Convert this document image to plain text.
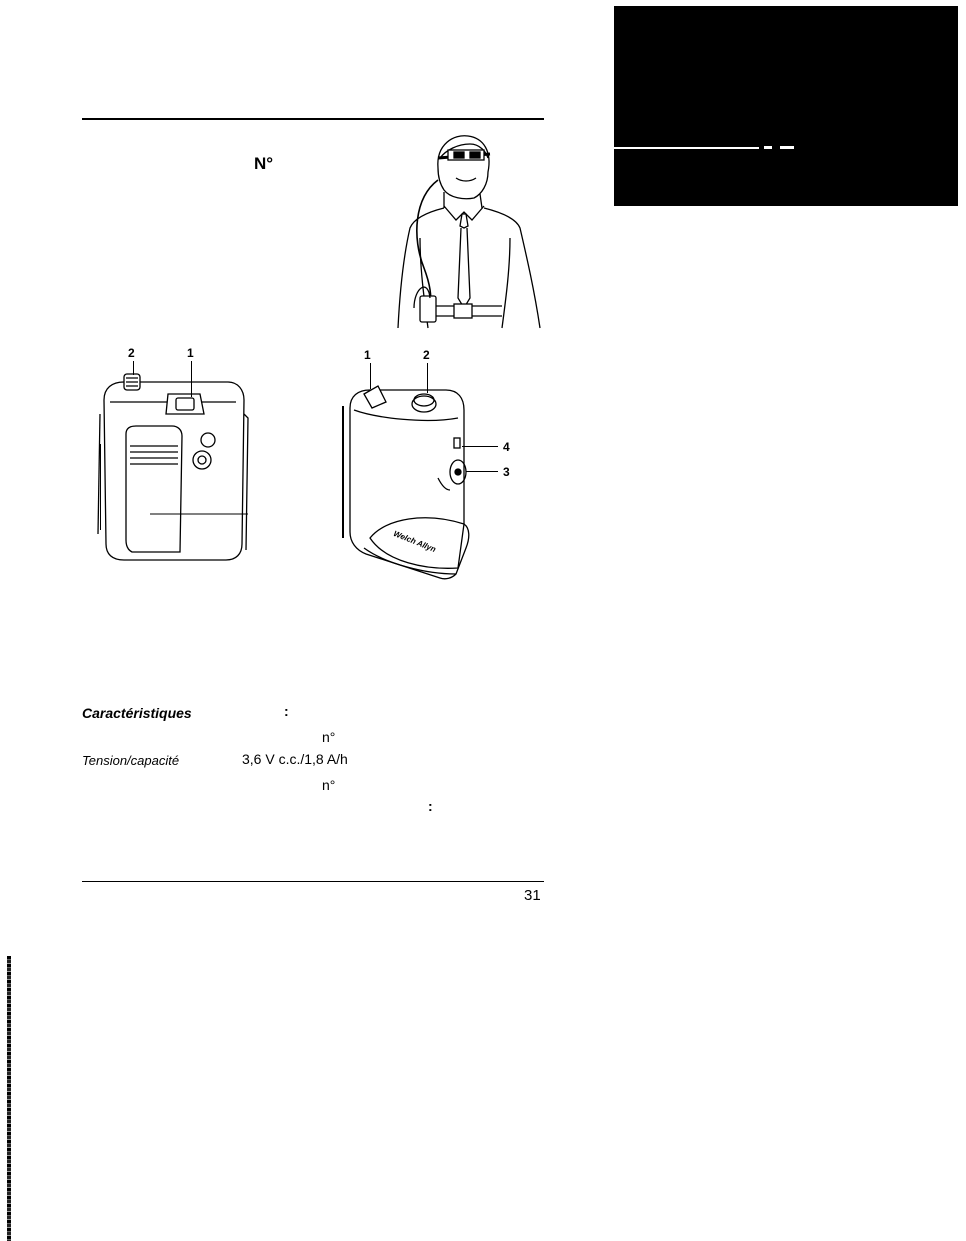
N°
2	1
Welch Allyn
1	2
4
3
Caractéristiques	:
n°
Tension/capacité	3,6 V c.c./1,8 A/h
n°
:
31
